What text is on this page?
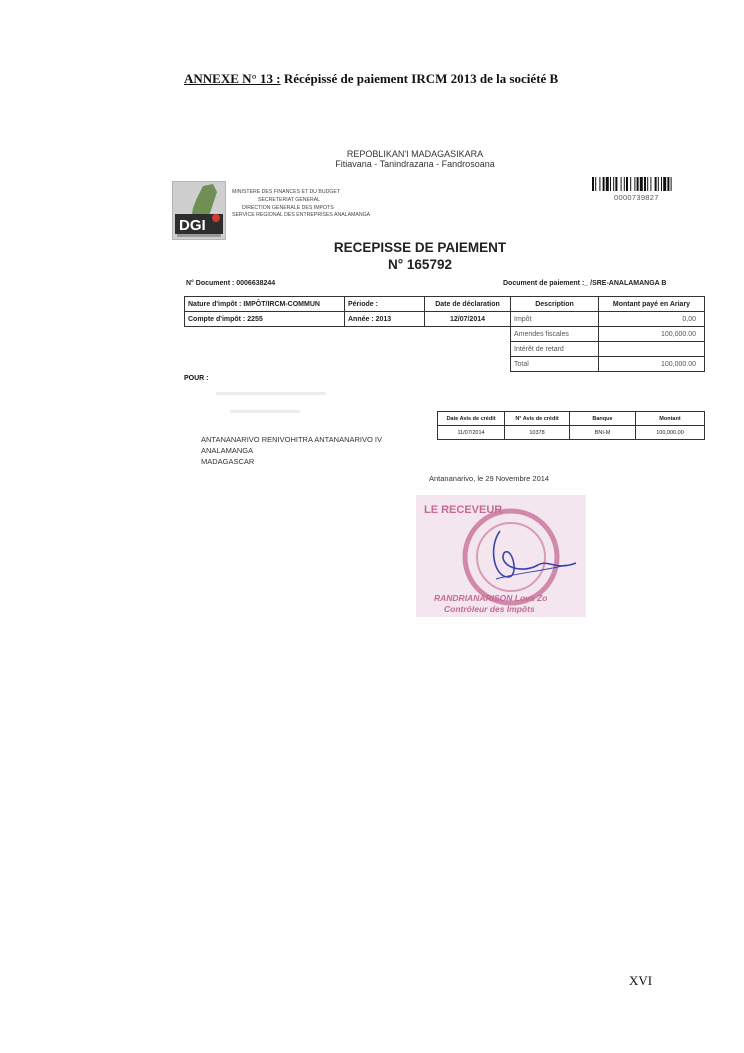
ANNEXE N° 13 : Récépissé de paiement IRCM 2013 de la société B
REPOBLIKAN'I MADAGASIKARA
Fitiavana - Tanindrazana - Fandrosoana
DGI
MINISTERE DES FINANCES ET DU BUDGET
SECRETERIAT GENERAL
DIRECTION GENERALE DES IMPOTS
SERVICE REGIONAL DES ENTREPRISES ANALAMANGA
0000739827
RECEPISSE DE PAIEMENT
N° 165792
N° Document : 0006638244	Document de paiement :_ /SRE-ANALAMANGA B
Nature d'impôt : IMPÔT/IRCM-COMMUN	Période :	Date de déclaration	Description	Montant payé en Ariary
Compte d'impôt : 2255	Année : 2013	12/07/2014	Impôt	0,00
			Amendes fiscales	100,000.00
			Intérêt de retard	
			Total	100,000.00
POUR :
Date Avis de crédit	N° Avis de crédit	Banque	Montant
11/07/2014	10378	BNI-M	100,000.00
ANTANANARIVO RENIVOHITRA ANTANANARIVO IV
ANALAMANGA
MADAGASCAR
Antananarivo, le 29 Novembre 2014
LE RECEVEUR
RANDRIANARISON Lova Zo
Contrôleur des Impôts
XVI
